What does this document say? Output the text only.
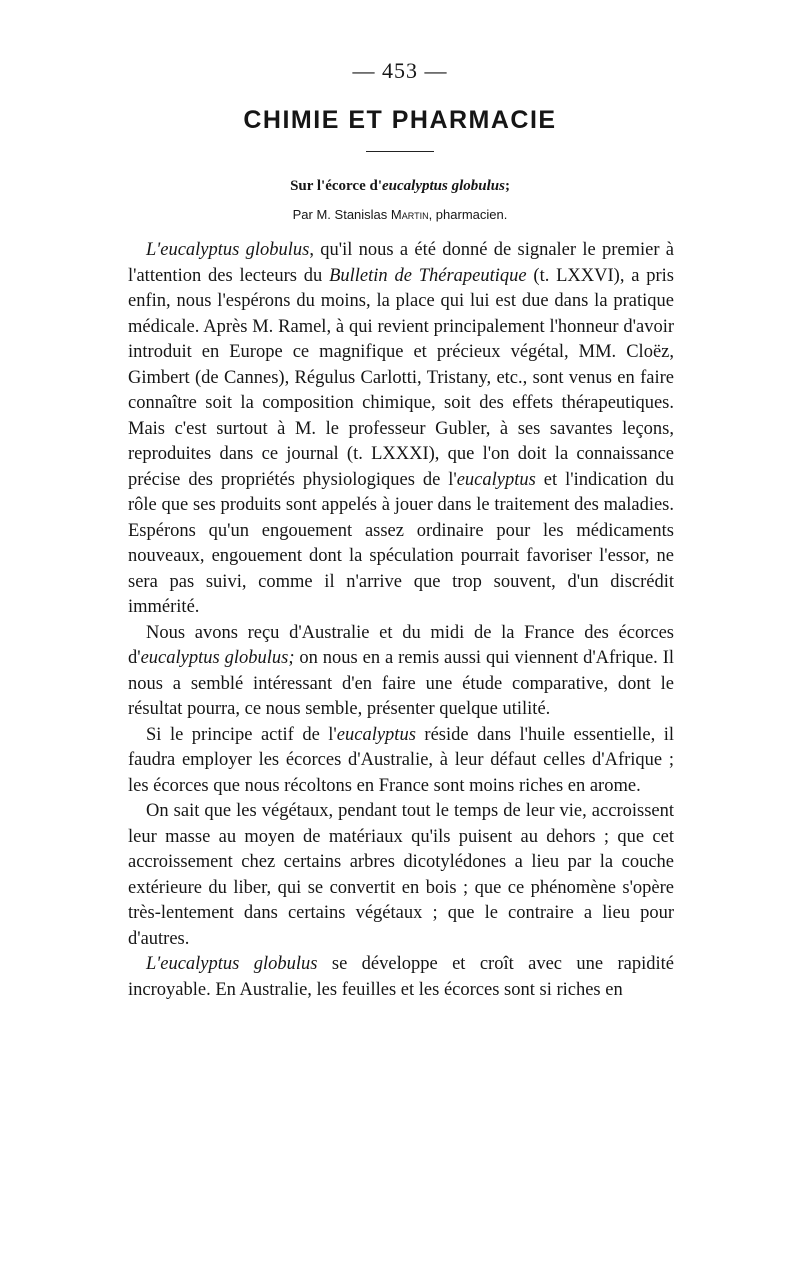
— 453 —
CHIMIE ET PHARMACIE
Sur l'écorce d'eucalyptus globulus;
Par M. Stanislas Martin, pharmacien.

L'eucalyptus globulus, qu'il nous a été donné de signaler le premier à l'attention des lecteurs du Bulletin de Thérapeutique (t. LXXVI), a pris enfin, nous l'espérons du moins, la place qui lui est due dans la pratique médicale. Après M. Ramel, à qui revient principalement l'honneur d'avoir introduit en Europe ce magnifique et précieux végétal, MM. Cloëz, Gimbert (de Cannes), Régulus Carlotti, Tristany, etc., sont venus en faire connaître soit la composition chimique, soit des effets thérapeutiques. Mais c'est surtout à M. le professeur Gubler, à ses savantes leçons, reproduites dans ce journal (t. LXXXI), que l'on doit la connaissance précise des propriétés physiologiques de l'eucalyptus et l'indication du rôle que ses produits sont appelés à jouer dans le traitement des maladies. Espérons qu'un engouement assez ordinaire pour les médicaments nouveaux, engouement dont la spéculation pourrait favoriser l'essor, ne sera pas suivi, comme il n'arrive que trop souvent, d'un discrédit immérité.

Nous avons reçu d'Australie et du midi de la France des écorces d'eucalyptus globulus; on nous en a remis aussi qui viennent d'Afrique. Il nous a semblé intéressant d'en faire une étude comparative, dont le résultat pourra, ce nous semble, présenter quelque utilité.

Si le principe actif de l'eucalyptus réside dans l'huile essentielle, il faudra employer les écorces d'Australie, à leur défaut celles d'Afrique ; les écorces que nous récoltons en France sont moins riches en arome.

On sait que les végétaux, pendant tout le temps de leur vie, accroissent leur masse au moyen de matériaux qu'ils puisent au dehors ; que cet accroissement chez certains arbres dicotylédones a lieu par la couche extérieure du liber, qui se convertit en bois ; que ce phénomène s'opère très-lentement dans certains végétaux ; que le contraire a lieu pour d'autres.

L'eucalyptus globulus se développe et croît avec une rapidité incroyable. En Australie, les feuilles et les écorces sont si riches en
